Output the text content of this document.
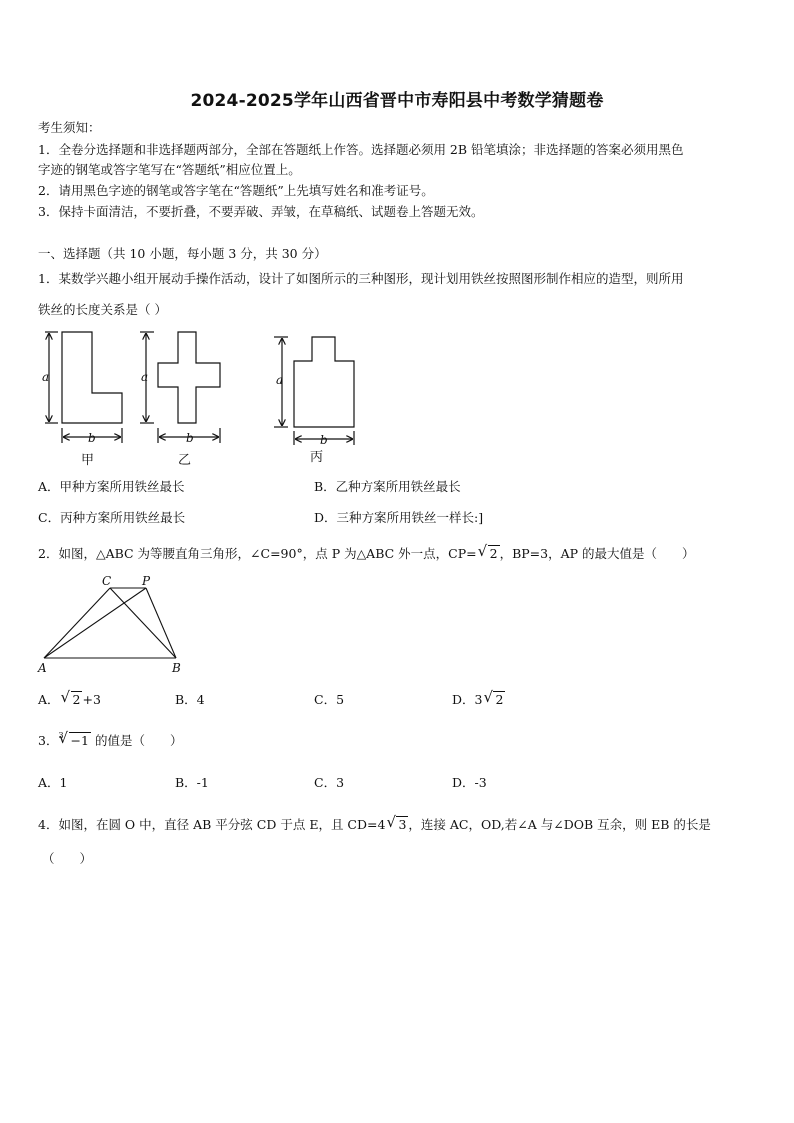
2024-2025学年山西省晋中市寿阳县中考数学猜题卷
考生须知：
1．全卷分选择题和非选择题两部分，全部在答题纸上作答。选择题必须用 2B 铅笔填涂；非选择题的答案必须用黑色
字迹的钢笔或答字笔写在“答题纸”相应位置上。
2．请用黑色字迹的钢笔或答字笔在“答题纸”上先填写姓名和准考证号。
3．保持卡面清洁，不要折叠，不要弄破、弄皱，在草稿纸、试题卷上答题无效。
一、选择题（共 10 小题，每小题 3 分，共 30 分）
1．某数学兴趣小组开展动手操作活动，设计了如图所示的三种图形，现计划用铁丝按照图形制作相应的造型，则所用
铁丝的长度关系是（ ）
a
b
a
b
a
b
甲	乙	丙
A．甲种方案所用铁丝最长	B．乙种方案所用铁丝最长
C．丙种方案所用铁丝最长	D．三种方案所用铁丝一样长:]
2．如图，△ABC 为等腰直角三角形，∠C=90°，点 P 为△ABC 外一点，CP= √ 2 ，BP=3，AP 的最大值是（　　）
C	P
A	B
A． √ 2 +3	B．4	C．5	D．3 √ 2
3．$^3$ √ −1 的值是（　　）
A．1	B．-1	C．3	D．-3
4．如图，在圆 O 中，直径 AB 平分弦 CD 于点 E，且 CD=4 √ 3 ，连接 AC，OD,若∠A 与∠DOB 互余，则 EB 的长是
（　　）
